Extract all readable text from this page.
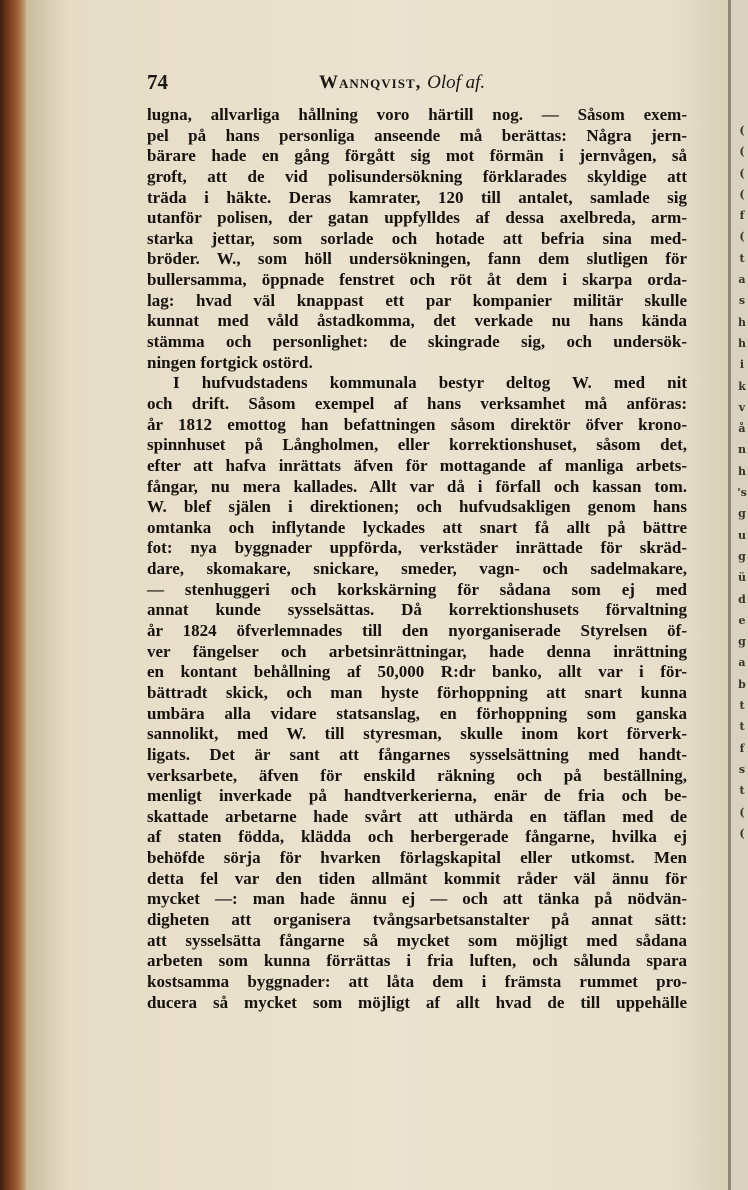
(
(
(
(
f
(
t
a
s
h
h
i
k
v
å
n
h
's
g
u
g
ü
d
e
g
a
b
t
t
f
s
t
(
(
74	Wannqvist, Olof af.
lugna, allvarliga hållning voro härtill nog. — Såsom exem-
pel på hans personliga anseende må berättas: Några jern-
bärare hade en gång förgått sig mot förmän i jernvågen, så
groft, att de vid polisundersökning förklarades skyldige att
träda i häkte. Deras kamrater, 120 till antalet, samlade sig
utanför polisen, der gatan uppfylldes af dessa axelbreda, arm-
starka jettar, som sorlade och hotade att befria sina med-
bröder. W., som höll undersökningen, fann dem slutligen för
bullersamma, öppnade fenstret och röt åt dem i skarpa orda-
lag: hvad väl knappast ett par kompanier militär skulle
kunnat med våld åstadkomma, det verkade nu hans kända
stämma och personlighet: de skingrade sig, och undersök-
ningen fortgick ostörd.
I hufvudstadens kommunala bestyr deltog W. med nit
och drift. Såsom exempel af hans verksamhet må anföras:
år 1812 emottog han befattningen såsom direktör öfver krono-
spinnhuset på Långholmen, eller korrektionshuset, såsom det,
efter att hafva inrättats äfven för mottagande af manliga arbets-
fångar, nu mera kallades. Allt var då i förfall och kassan tom.
W. blef själen i direktionen; och hufvudsakligen genom hans
omtanka och inflytande lyckades att snart få allt på bättre
fot: nya byggnader uppförda, verkstäder inrättade för skräd-
dare, skomakare, snickare, smeder, vagn- och sadelmakare,
— stenhuggeri och korkskärning för sådana som ej med
annat kunde sysselsättas. Då korrektionshusets förvaltning
år 1824 öfverlemnades till den nyorganiserade Styrelsen öf-
ver fängelser och arbetsinrättningar, hade denna inrättning
en kontant behållning af 50,000 R:dr banko, allt var i för-
bättradt skick, och man hyste förhoppning att snart kunna
umbära alla vidare statsanslag, en förhoppning som ganska
sannolikt, med W. till styresman, skulle inom kort förverk-
ligats. Det är sant att fångarnes sysselsättning med handt-
verksarbete, äfven för enskild räkning och på beställning,
menligt inverkade på handtverkerierna, enär de fria och be-
skattade arbetarne hade svårt att uthärda en täflan med de
af staten födda, klädda och herbergerade fångarne, hvilka ej
behöfde sörja för hvarken förlagskapital eller utkomst. Men
detta fel var den tiden allmänt kommit råder väl ännu för
mycket —: man hade ännu ej — och att tänka på nödvän-
digheten att organisera tvångsarbetsanstalter på annat sätt:
att sysselsätta fångarne så mycket som möjligt med sådana
arbeten som kunna förrättas i fria luften, och sålunda spara
kostsamma byggnader: att låta dem i främsta rummet pro-
ducera så mycket som möjligt af allt hvad de till uppehälle
